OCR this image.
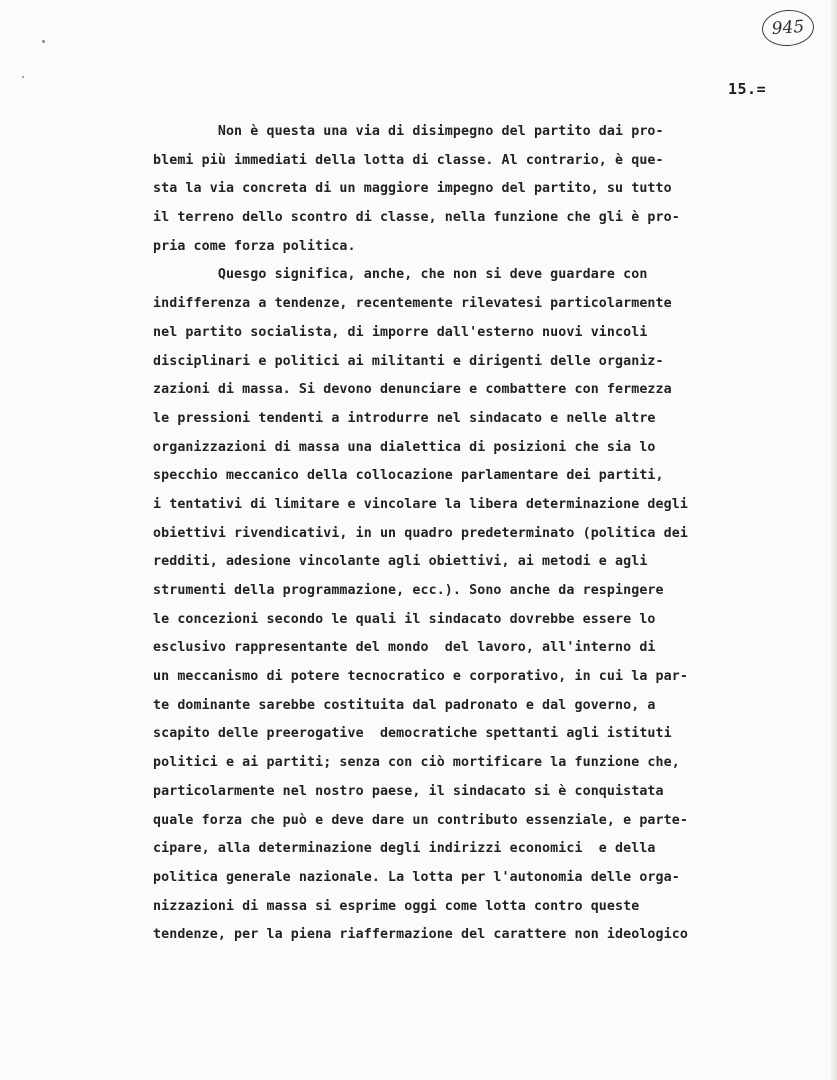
945
15.=
Non è questa una via di disimpegno del partito dai pro-
blemi più immediati della lotta di classe. Al contrario, è que-
sta la via concreta di un maggiore impegno del partito, su tutto
il terreno dello scontro di classe, nella funzione che gli è pro-
pria come forza politica.
Quesgo significa, anche, che non si deve guardare con
indifferenza a tendenze, recentemente rilevatesi particolarmente
nel partito socialista, di imporre dall'esterno nuovi vincoli
disciplinari e politici ai militanti e dirigenti delle organiz-
zazioni di massa. Si devono denunciare e combattere con fermezza
le pressioni tendenti a introdurre nel sindacato e nelle altre
organizzazioni di massa una dialettica di posizioni che sia lo
specchio meccanico della collocazione parlamentare dei partiti,
i tentativi di limitare e vincolare la libera determinazione degli
obiettivi rivendicativi, in un quadro predeterminato (politica dei
redditi, adesione vincolante agli obiettivi, ai metodi e agli
strumenti della programmazione, ecc.). Sono anche da respingere
le concezioni secondo le quali il sindacato dovrebbe essere lo
esclusivo rappresentante del mondo  del lavoro, all'interno di
un meccanismo di potere tecnocratico e corporativo, in cui la par-
te dominante sarebbe costituita dal padronato e dal governo, a
scapito delle preerogative  democratiche spettanti agli istituti
politici e ai partiti; senza con ciò mortificare la funzione che,
particolarmente nel nostro paese, il sindacato si è conquistata
quale forza che può e deve dare un contributo essenziale, e parte-
cipare, alla determinazione degli indirizzi economici  e della
politica generale nazionale. La lotta per l'autonomia delle orga-
nizzazioni di massa si esprime oggi come lotta contro queste
tendenze, per la piena riaffermazione del carattere non ideologico
